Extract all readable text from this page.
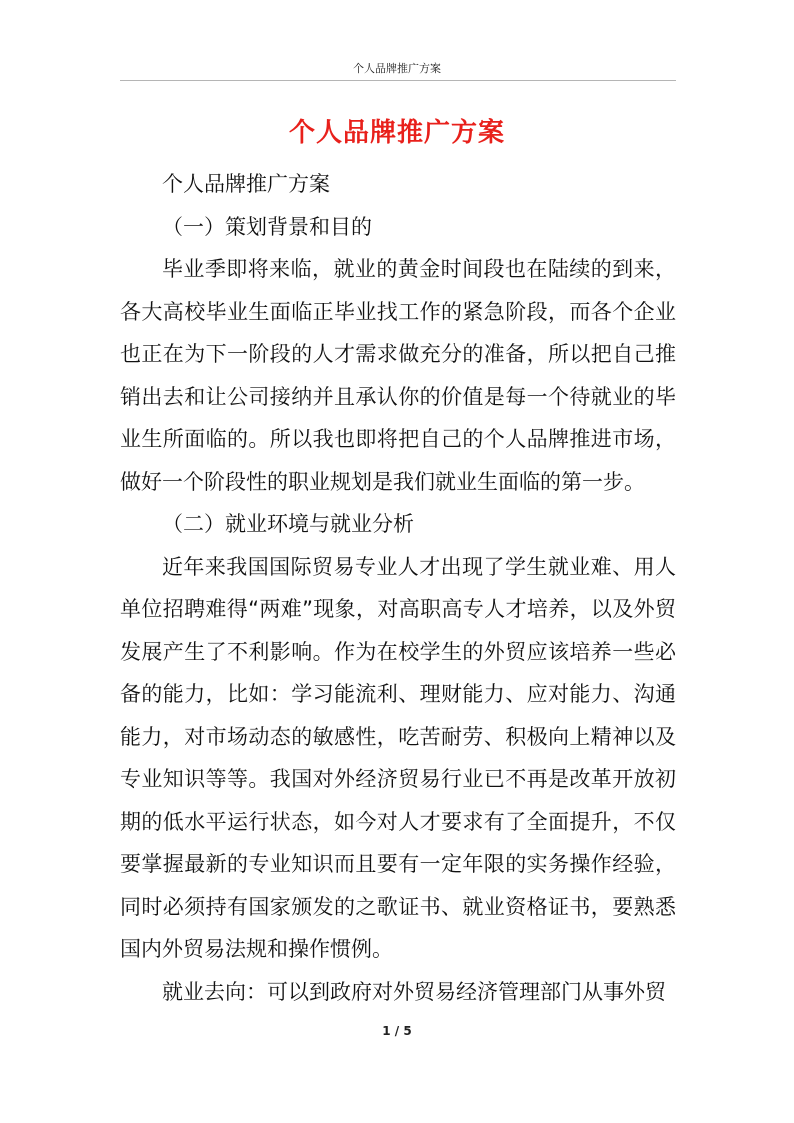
个人品牌推广方案
个人品牌推广方案

个人品牌推广方案

（一）策划背景和目的

毕业季即将来临，就业的黄金时间段也在陆续的到来，各大高校毕业生面临正毕业找工作的紧急阶段，而各个企业也正在为下一阶段的人才需求做充分的准备，所以把自己推销出去和让公司接纳并且承认你的价值是每一个待就业的毕业生所面临的。所以我也即将把自己的个人品牌推进市场，做好一个阶段性的职业规划是我们就业生面临的第一步。

（二）就业环境与就业分析

近年来我国国际贸易专业人才出现了学生就业难、用人单位招聘难得“两难”现象，对高职高专人才培养，以及外贸发展产生了不利影响。作为在校学生的外贸应该培养一些必备的能力，比如：学习能流利、理财能力、应对能力、沟通能力，对市场动态的敏感性，吃苦耐劳、积极向上精神以及专业知识等等。我国对外经济贸易行业已不再是改革开放初期的低水平运行状态，如今对人才要求有了全面提升，不仅要掌握最新的专业知识而且要有一定年限的实务操作经验，同时必须持有国家颁发的之歌证书、就业资格证书，要熟悉国内外贸易法规和操作惯例。

就业去向：可以到政府对外贸易经济管理部门从事外贸

1 / 5
